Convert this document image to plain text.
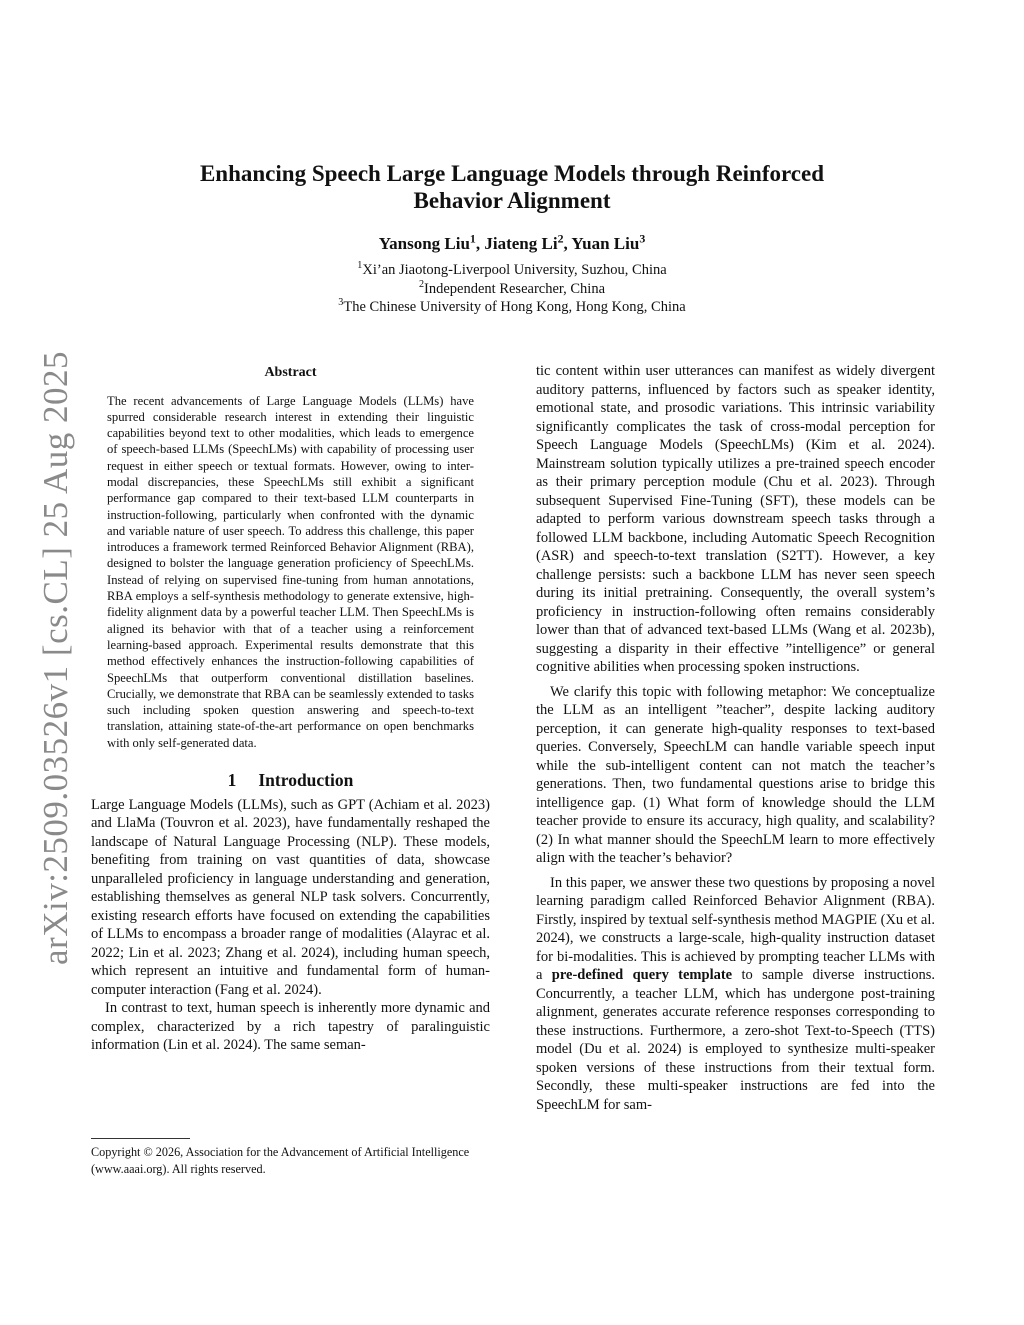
arXiv:2509.03526v1 [cs.CL] 25 Aug 2025
Enhancing Speech Large Language Models through Reinforced
Behavior Alignment
Yansong Liu$^1$, Jiateng Li$^2$, Yuan Liu$^3$
$^1$Xi’an Jiaotong-Liverpool University, Suzhou, China
$^2$Independent Researcher, China
$^3$The Chinese University of Hong Kong, Hong Kong, China
Abstract
The recent advancements of Large Language Models (LLMs) have spurred considerable research interest in extending their linguistic capabilities beyond text to other modalities, which leads to emergence of speech-based LLMs (SpeechLMs) with capability of processing user request in either speech or textual formats. However, owing to inter-modal discrepancies, these SpeechLMs still exhibit a significant performance gap compared to their text-based LLM counterparts in instruction-following, particularly when confronted with the dynamic and variable nature of user speech. To address this challenge, this paper introduces a framework termed Reinforced Behavior Alignment (RBA), designed to bolster the language generation proficiency of SpeechLMs. Instead of relying on supervised fine-tuning from human annotations, RBA employs a self-synthesis methodology to generate extensive, high-fidelity alignment data by a powerful teacher LLM. Then SpeechLMs is aligned its behavior with that of a teacher using a reinforcement learning-based approach. Experimental results demonstrate that this method effectively enhances the instruction-following capabilities of SpeechLMs that outperform conventional distillation baselines. Crucially, we demonstrate that RBA can be seamlessly extended to tasks such including spoken question answering and speech-to-text translation, attaining state-of-the-art performance on open benchmarks with only self-generated data.
1 Introduction

Large Language Models (LLMs), such as GPT (Achiam et al. 2023) and LlaMa (Touvron et al. 2023), have fundamentally reshaped the landscape of Natural Language Processing (NLP). These models, benefiting from training on vast quantities of data, showcase unparalleled proficiency in language understanding and generation, establishing themselves as general NLP task solvers. Concurrently, existing research efforts have focused on extending the capabilities of LLMs to encompass a broader range of modalities (Alayrac et al. 2022; Lin et al. 2023; Zhang et al. 2024), including human speech, which represent an intuitive and fundamental form of human-computer interaction (Fang et al. 2024).

In contrast to text, human speech is inherently more dynamic and complex, characterized by a rich tapestry of paralinguistic information (Lin et al. 2024). The same seman-

Copyright © 2026, Association for the Advancement of Artificial Intelligence (www.aaai.org). All rights reserved.

tic content within user utterances can manifest as widely divergent auditory patterns, influenced by factors such as speaker identity, emotional state, and prosodic variations. This intrinsic variability significantly complicates the task of cross-modal perception for Speech Language Models (SpeechLMs) (Kim et al. 2024). Mainstream solution typically utilizes a pre-trained speech encoder as their primary perception module (Chu et al. 2023). Through subsequent Supervised Fine-Tuning (SFT), these models can be adapted to perform various downstream speech tasks through a followed LLM backbone, including Automatic Speech Recognition (ASR) and speech-to-text translation (S2TT). However, a key challenge persists: such a backbone LLM has never seen speech during its initial pretraining. Consequently, the overall system’s proficiency in instruction-following often remains considerably lower than that of advanced text-based LLMs (Wang et al. 2023b), suggesting a disparity in their effective ”intelligence” or general cognitive abilities when processing spoken instructions.

We clarify this topic with following metaphor: We conceptualize the LLM as an intelligent ”teacher”, despite lacking auditory perception, it can generate high-quality responses to text-based queries. Conversely, SpeechLM can handle variable speech input while the sub-intelligent content can not match the teacher’s generations. Then, two fundamental questions arise to bridge this intelligence gap. (1) What form of knowledge should the LLM teacher provide to ensure its accuracy, high quality, and scalability? (2) In what manner should the SpeechLM learn to more effectively align with the teacher’s behavior?

In this paper, we answer these two questions by proposing a novel learning paradigm called Reinforced Behavior Alignment (RBA). Firstly, inspired by textual self-synthesis method MAGPIE (Xu et al. 2024), we constructs a large-scale, high-quality instruction dataset for bi-modalities. This is achieved by prompting teacher LLMs with a pre-defined query template to sample diverse instructions. Concurrently, a teacher LLM, which has undergone post-training alignment, generates accurate reference responses corresponding to these instructions. Furthermore, a zero-shot Text-to-Speech (TTS) model (Du et al. 2024) is employed to synthesize multi-speaker spoken versions of these instructions from their textual form. Secondly, these multi-speaker instructions are fed into the SpeechLM for sam-
